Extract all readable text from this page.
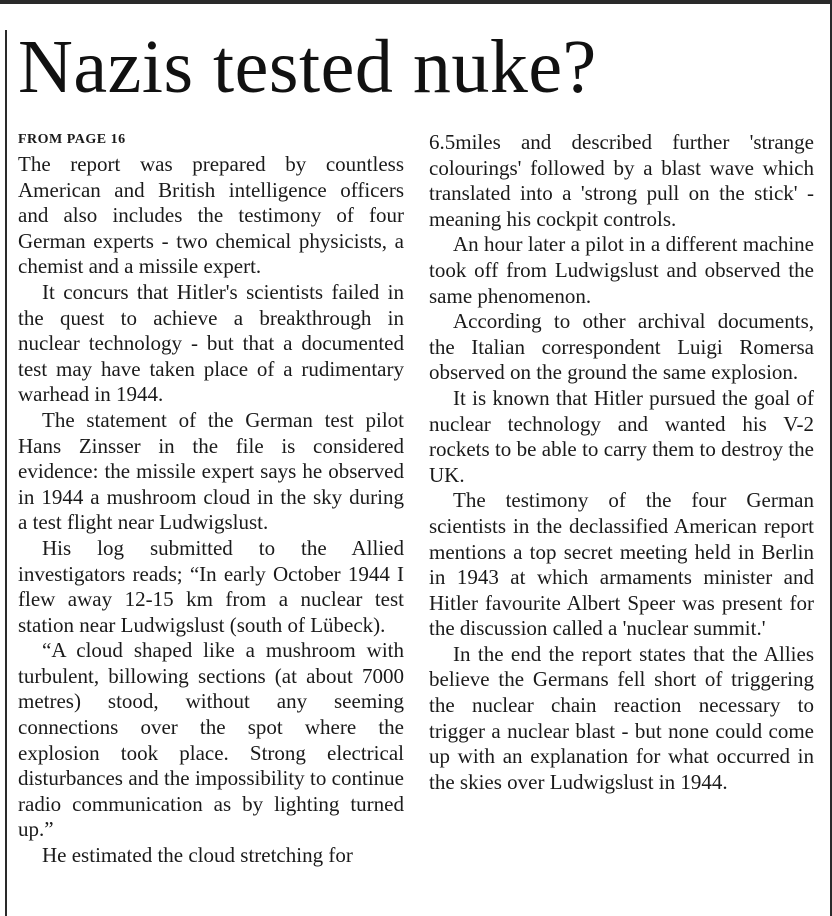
Nazis tested nuke?
FROM PAGE 16

The report was prepared by countless American and British intelligence officers and also includes the testimony of four German experts - two chemical physicists, a chemist and a missile expert.

It concurs that Hitler's scientists failed in the quest to achieve a breakthrough in nuclear technology - but that a documented test may have taken place of a rudimentary warhead in 1944.

The statement of the German test pilot Hans Zinsser in the file is considered evidence: the missile expert says he observed in 1944 a mushroom cloud in the sky during a test flight near Ludwigslust.

His log submitted to the Allied investigators reads; “In early October 1944 I flew away 12-15 km from a nuclear test station near Ludwigslust (south of Lübeck).

“A cloud shaped like a mushroom with turbulent, billowing sections (at about 7000 metres) stood, without any seeming connections over the spot where the explosion took place. Strong electrical disturbances and the impossibility to continue radio communication as by lighting turned up.”

He estimated the cloud stretching for

6.5miles and described further 'strange colourings' followed by a blast wave which translated into a 'strong pull on the stick' - meaning his cockpit controls.

An hour later a pilot in a different machine took off from Ludwigslust and observed the same phenomenon.

According to other archival documents, the Italian correspondent Luigi Romersa observed on the ground the same explosion.

It is known that Hitler pursued the goal of nuclear technology and wanted his V-2 rockets to be able to carry them to destroy the UK.

The testimony of the four German scientists in the declassified American report mentions a top secret meeting held in Berlin in 1943 at which armaments minister and Hitler favourite Albert Speer was present for the discussion called a 'nuclear summit.'

In the end the report states that the Allies believe the Germans fell short of triggering the nuclear chain reaction necessary to trigger a nuclear blast - but none could come up with an explanation for what occurred in the skies over Ludwigslust in 1944.
